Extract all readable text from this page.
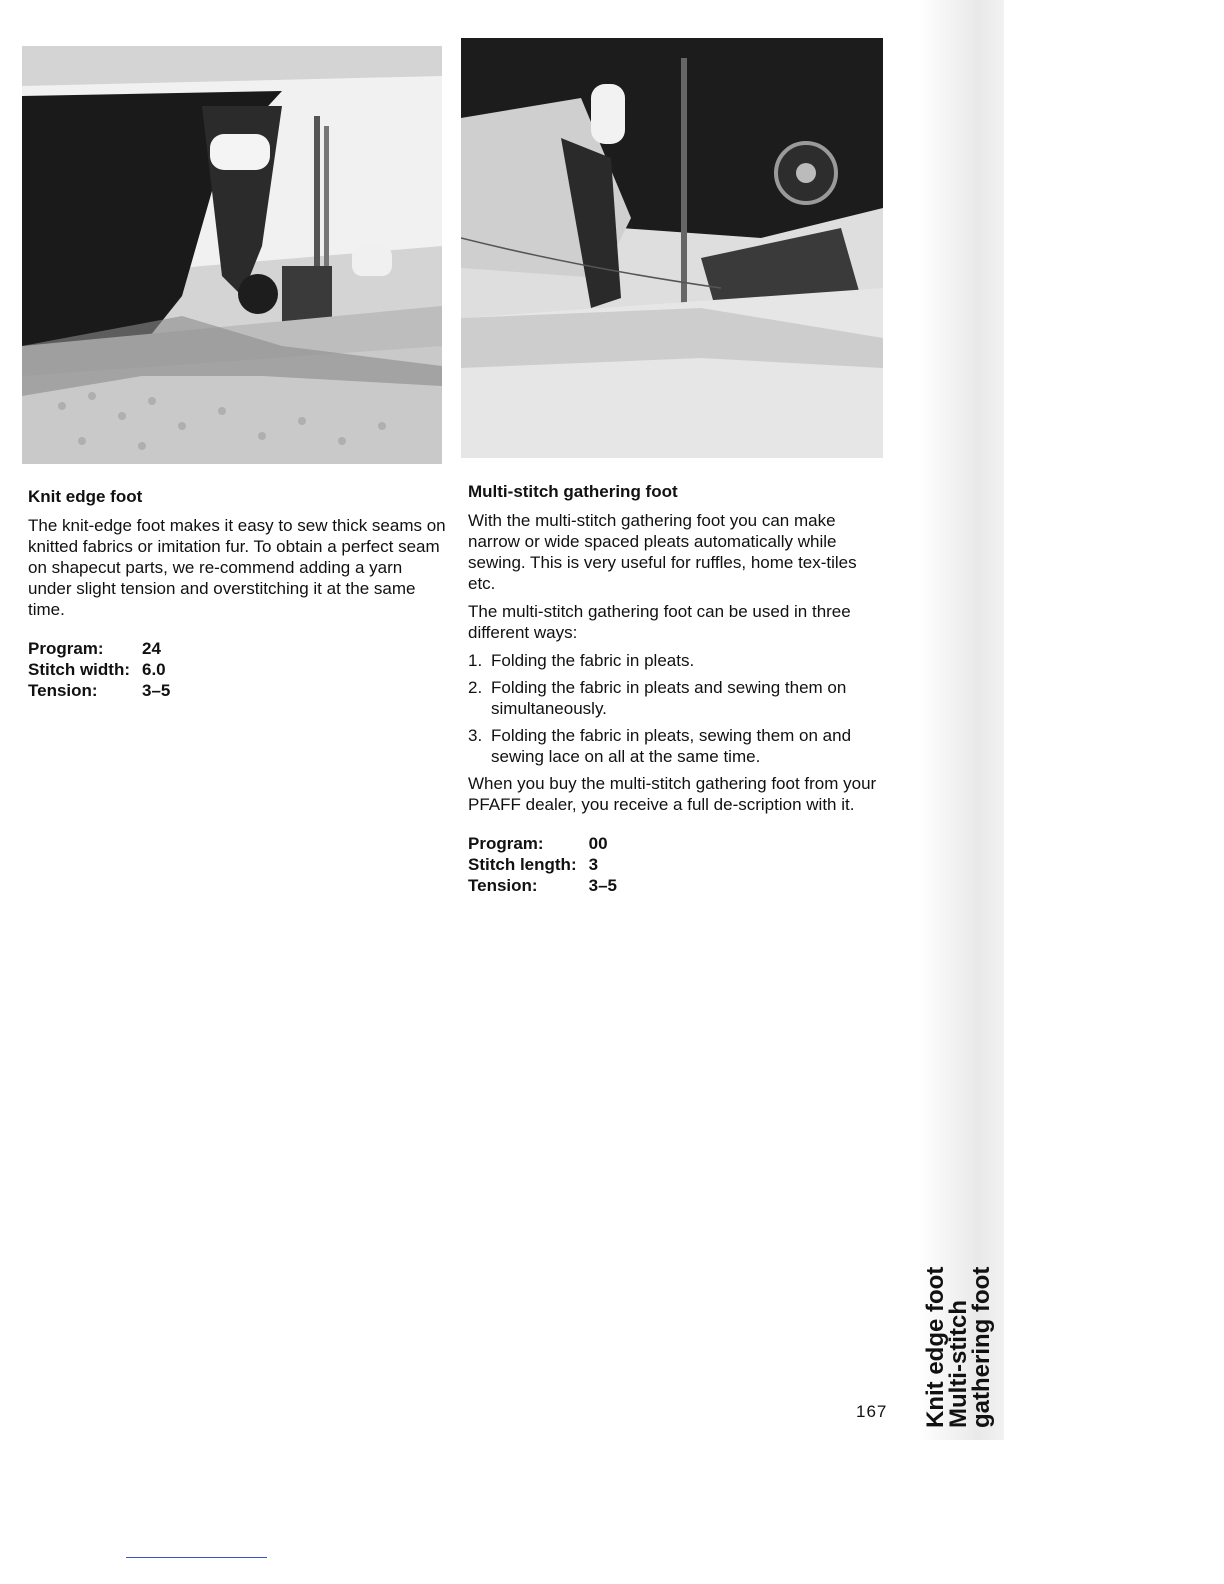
Knit edge foot

The knit-edge foot makes it easy to sew thick seams on knitted fabrics or imitation fur. To obtain a perfect seam on shapecut parts, we re-commend adding a yarn under slight tension and overstitching it at the same time.

Program:	24
Stitch width:	6.0
Tension:	3–5
Multi-stitch gathering foot

With the multi-stitch gathering foot you can make narrow or wide spaced pleats automatically while sewing. This is very useful for ruffles, home tex-tiles etc.

The multi-stitch gathering foot can be used in three different ways:

1. Folding the fabric in pleats.
2. Folding the fabric in pleats and sewing them on simultaneously.
3. Folding the fabric in pleats, sewing them on and sewing lace on all at the same time.

When you buy the multi-stitch gathering foot from your PFAFF dealer, you receive a full de-scription with it.

Program:	00
Stitch length:	3
Tension:	3–5
167 Knit edge foot
Multi-stitch
gathering foot
